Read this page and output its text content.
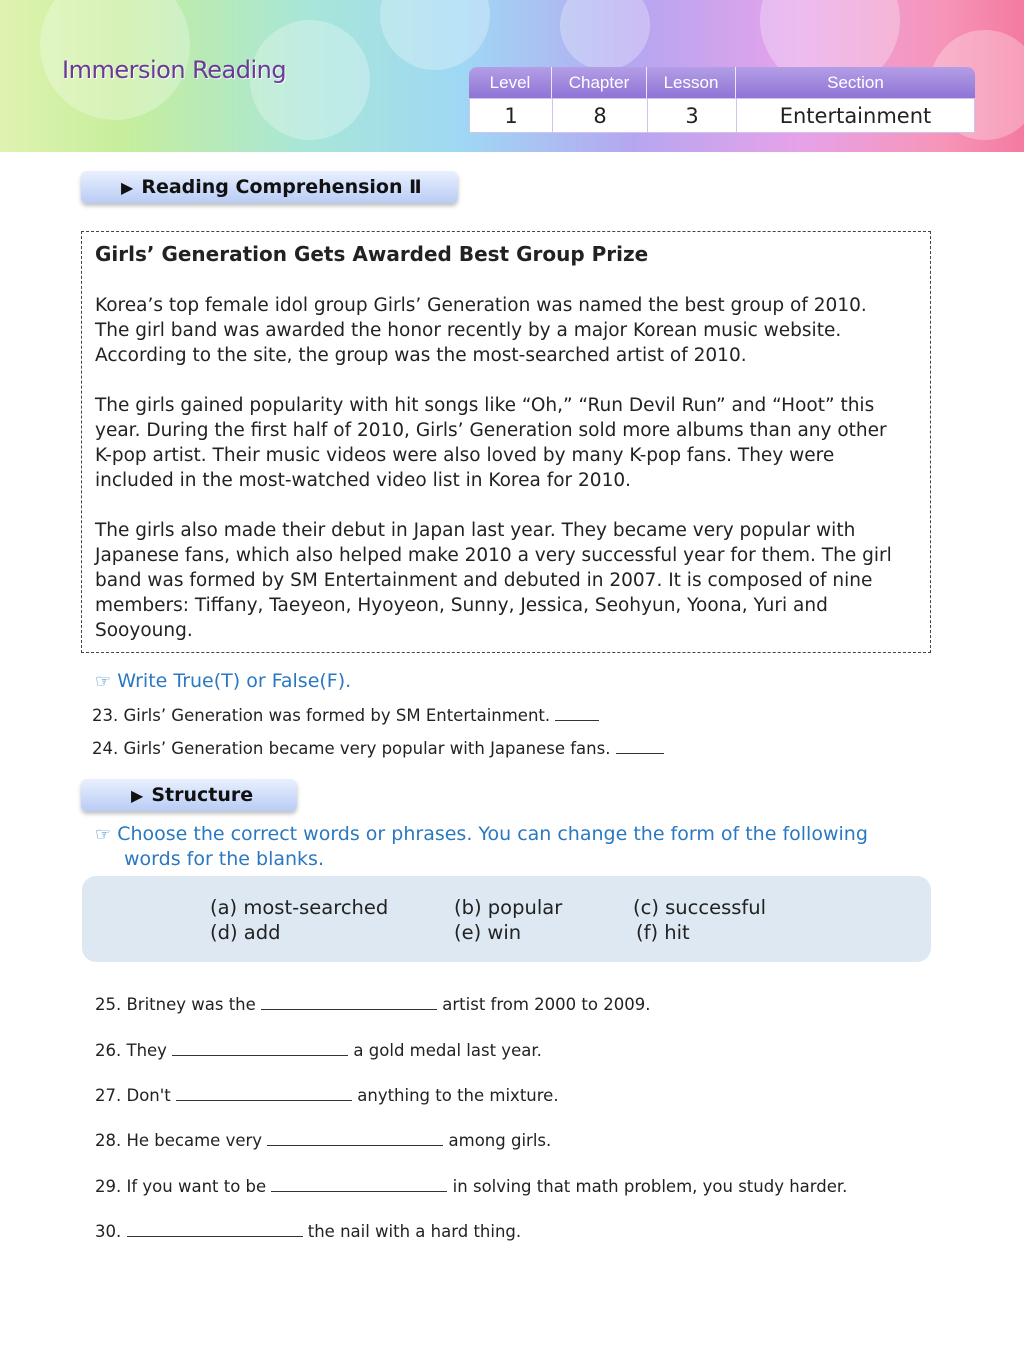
Immersion Reading	Level	Chapter	Lesson	Section
1	8	3	Entertainment
▶ Reading Comprehension Ⅱ
Girls’ Generation Gets Awarded Best Group Prize

Korea’s top female idol group Girls’ Generation was named the best group of 2010.
The girl band was awarded the honor recently by a major Korean music website.
According to the site, the group was the most-searched artist of 2010.

The girls gained popularity with hit songs like “Oh,” “Run Devil Run” and “Hoot” this
year. During the first half of 2010, Girls’ Generation sold more albums than any other
K-pop artist. Their music videos were also loved by many K-pop fans. They were
included in the most-watched video list in Korea for 2010.

The girls also made their debut in Japan last year. They became very popular with
Japanese fans, which also helped make 2010 a very successful year for them. The girl
band was formed by SM Entertainment and debuted in 2007. It is composed of nine
members: Tiffany, Taeyeon, Hyoyeon, Sunny, Jessica, Seohyun, Yoona, Yuri and
Sooyoung.

☞ Write True(T) or False(F).
23. Girls’ Generation was formed by SM Entertainment.
24. Girls’ Generation became very popular with Japanese fans.
▶ Structure
☞ Choose the correct words or phrases. You can change the form of the following
words for the blanks.
(a) most-searched	(b) popular	(c) successful
(d) add	(e) win	(f) hit
25. Britney was the	artist from 2000 to 2009.
26. They	a gold medal last year.
27. Don't	anything to the mixture.
28. He became very	among girls.
29. If you want to be	in solving that math problem, you study harder.
30.	the nail with a hard thing.
